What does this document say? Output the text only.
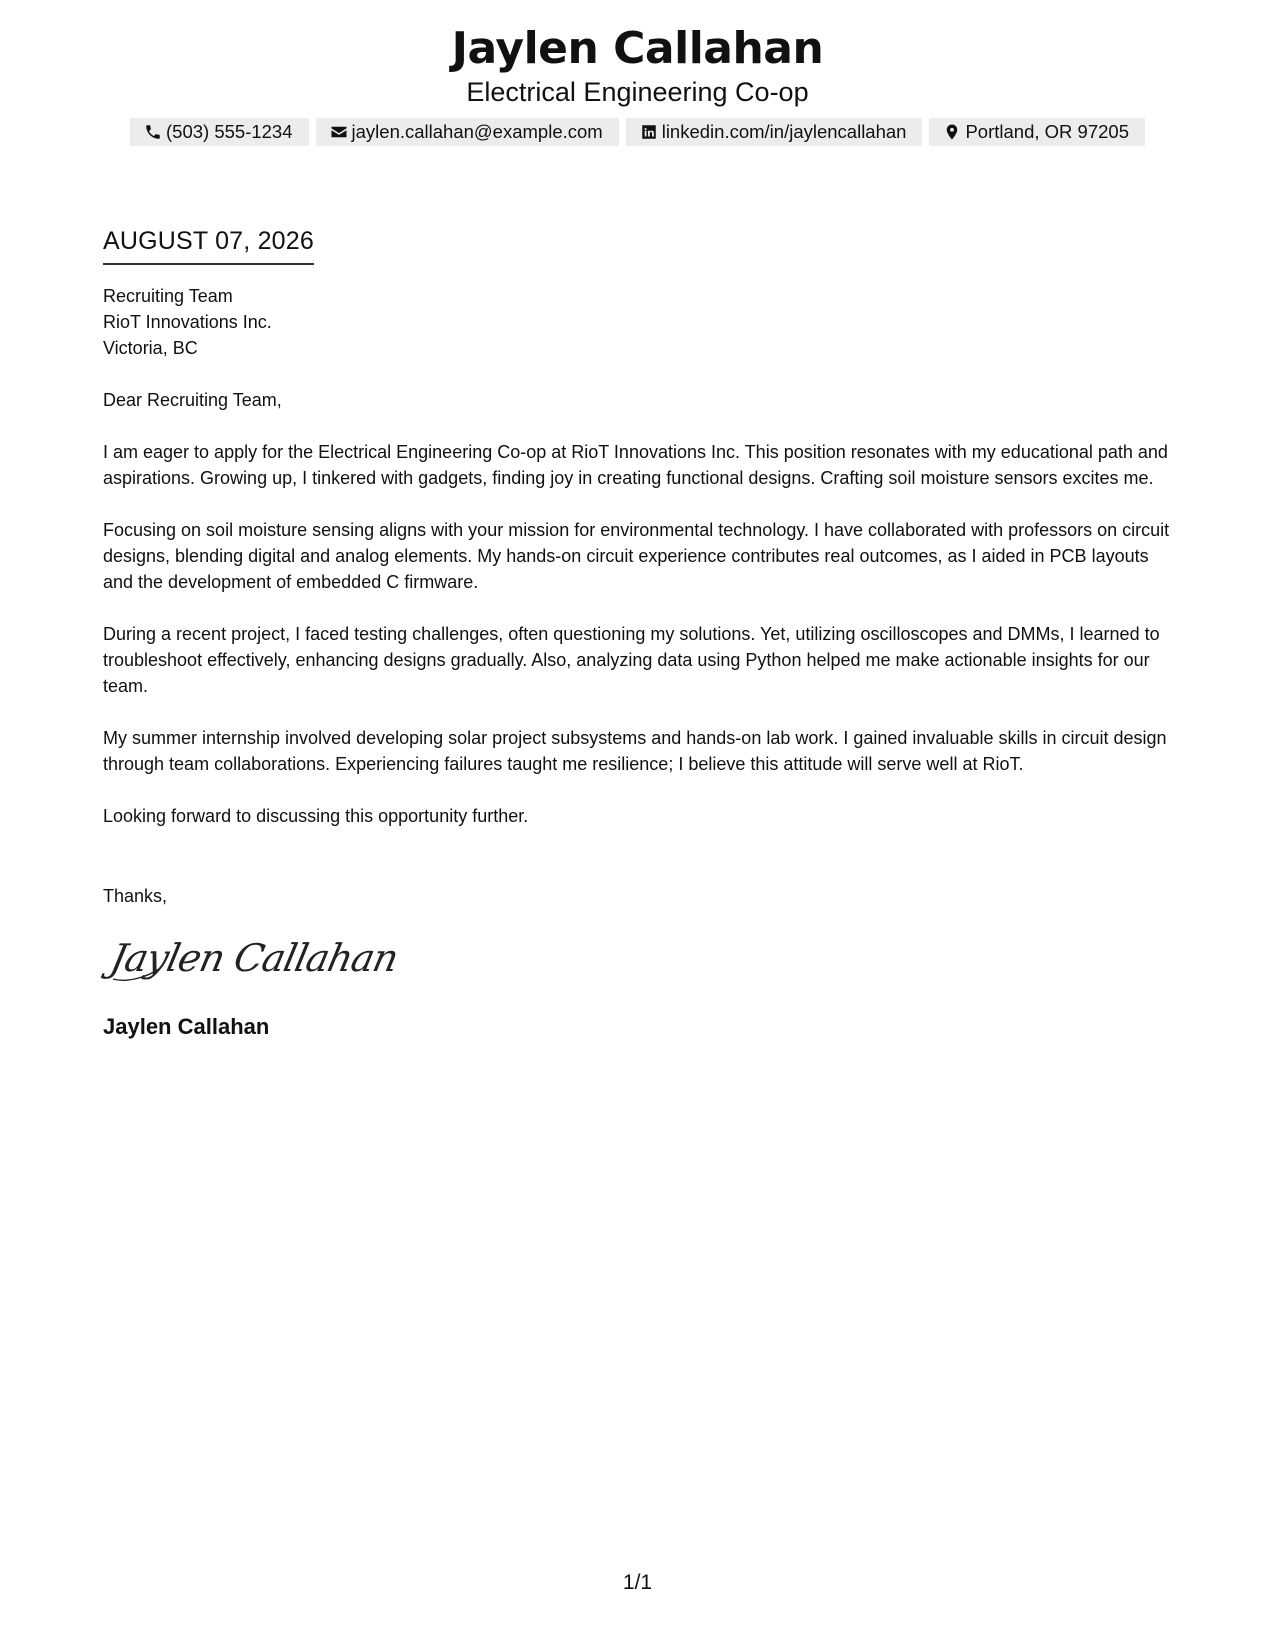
Jaylen Callahan
Electrical Engineering Co-op
(503) 555-1234	jaylen.callahan@example.com	linkedin.com/in/jaylencallahan	Portland, OR 97205
AUGUST 07, 2026
Recruiting Team
RioT Innovations Inc.
Victoria, BC
Dear Recruiting Team,
I am eager to apply for the Electrical Engineering Co-op at RioT Innovations Inc. This position resonates with my educational path and aspirations. Growing up, I tinkered with gadgets, finding joy in creating functional designs. Crafting soil moisture sensors excites me.
Focusing on soil moisture sensing aligns with your mission for environmental technology. I have collaborated with professors on circuit designs, blending digital and analog elements. My hands-on circuit experience contributes real outcomes, as I aided in PCB layouts and the development of embedded C firmware.
During a recent project, I faced testing challenges, often questioning my solutions. Yet, utilizing oscilloscopes and DMMs, I learned to troubleshoot effectively, enhancing designs gradually. Also, analyzing data using Python helped me make actionable insights for our team.
My summer internship involved developing solar project subsystems and hands-on lab work. I gained invaluable skills in circuit design through team collaborations. Experiencing failures taught me resilience; I believe this attitude will serve well at RioT.
Looking forward to discussing this opportunity further.
Thanks,
Jaylen Callahan
Jaylen Callahan
1/1
